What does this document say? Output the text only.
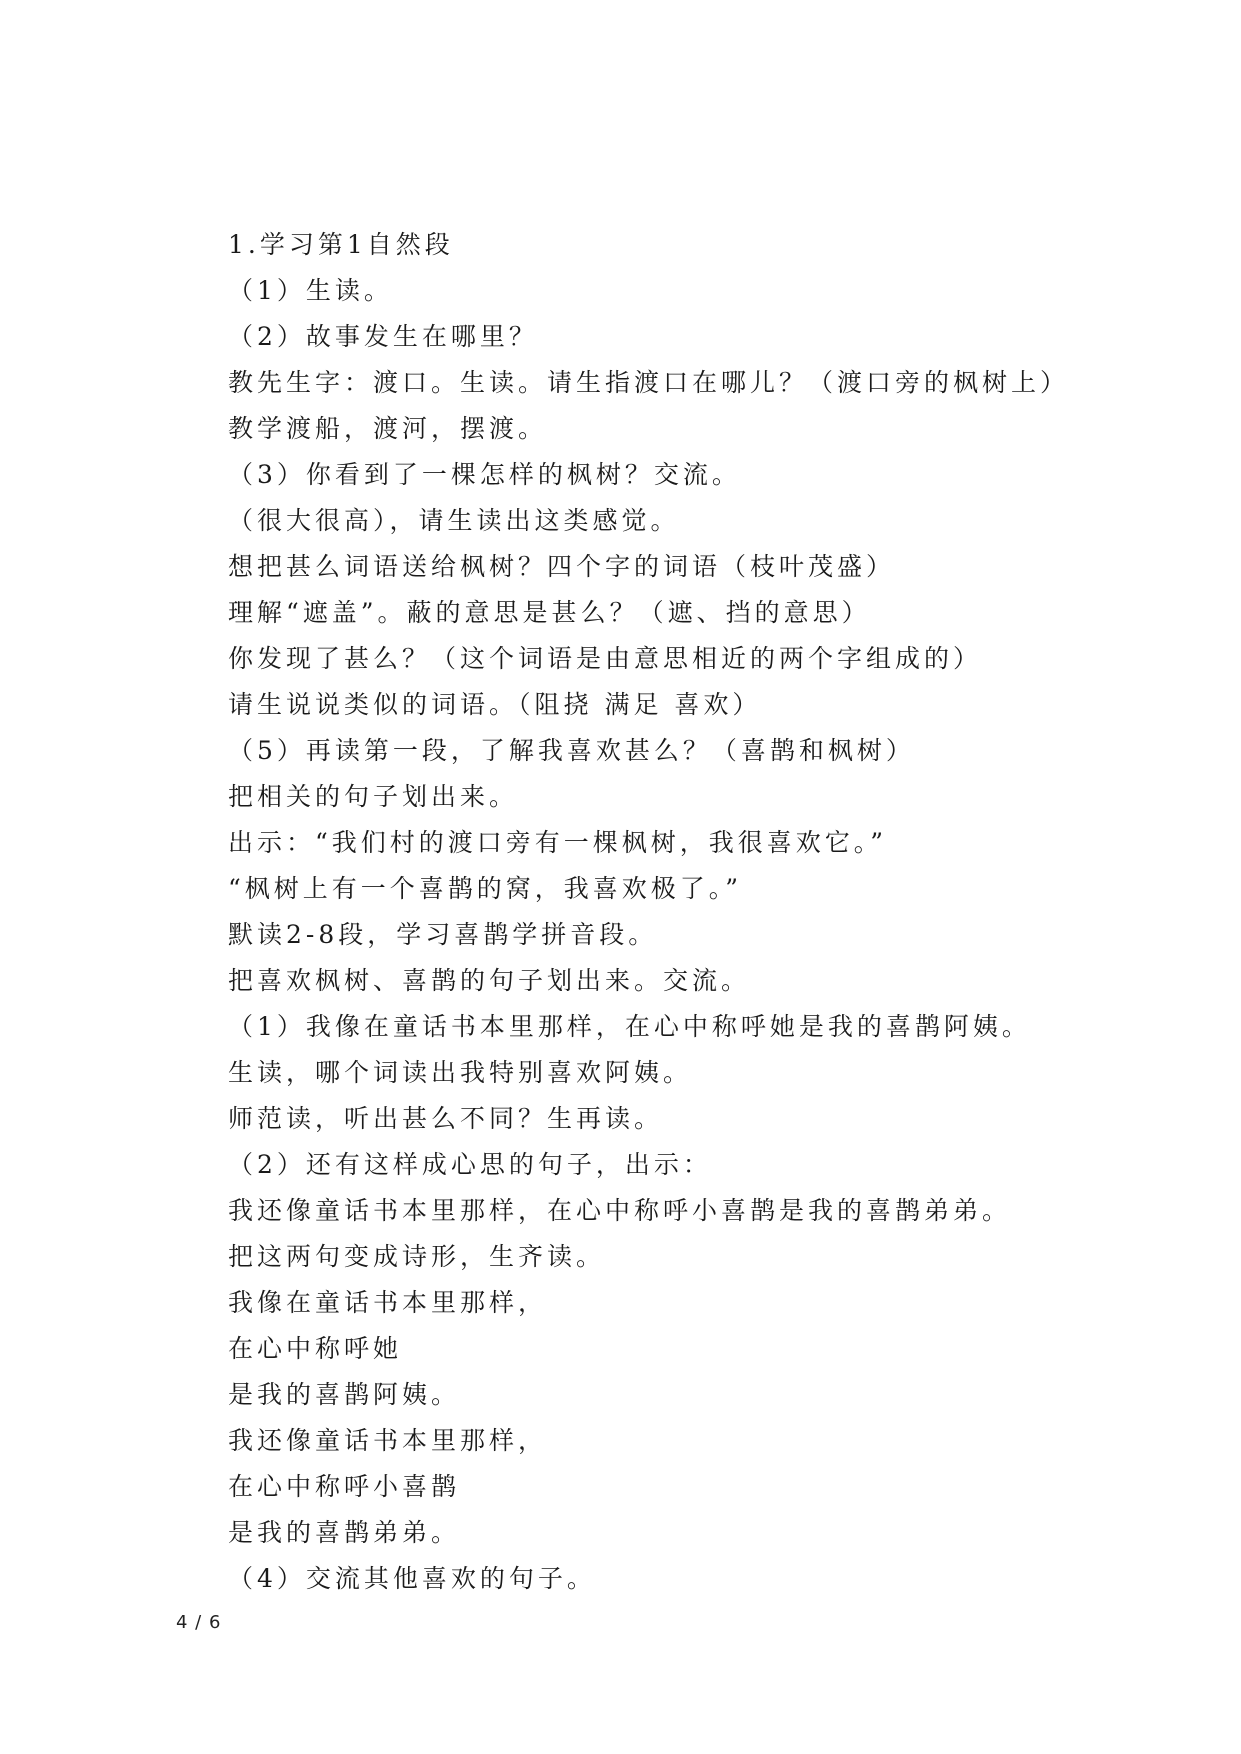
1.学习第1自然段
（1）生读。
（2）故事发生在哪里？
教先生字：渡口。生读。请生指渡口在哪儿？（渡口旁的枫树上）
教学渡船，渡河，摆渡。
（3）你看到了一棵怎样的枫树？交流。
（很大很高），请生读出这类感觉。
想把甚么词语送给枫树？四个字的词语（枝叶茂盛）
理解“遮盖”。蔽的意思是甚么？（遮、挡的意思）
你发现了甚么？（这个词语是由意思相近的两个字组成的）
请生说说类似的词语。（阻挠 满足 喜欢）
（5）再读第一段，了解我喜欢甚么？（喜鹊和枫树）
把相关的句子划出来。
出示：“我们村的渡口旁有一棵枫树，我很喜欢它。”
“枫树上有一个喜鹊的窝，我喜欢极了。”
默读2-8段，学习喜鹊学拼音段。
把喜欢枫树、喜鹊的句子划出来。交流。
（1）我像在童话书本里那样，在心中称呼她是我的喜鹊阿姨。
生读，哪个词读出我特别喜欢阿姨。
师范读，听出甚么不同？生再读。
（2）还有这样成心思的句子，出示：
我还像童话书本里那样，在心中称呼小喜鹊是我的喜鹊弟弟。
把这两句变成诗形，生齐读。
我像在童话书本里那样，
在心中称呼她
是我的喜鹊阿姨。
我还像童话书本里那样，
在心中称呼小喜鹊
是我的喜鹊弟弟。
（4）交流其他喜欢的句子。
4 / 6
